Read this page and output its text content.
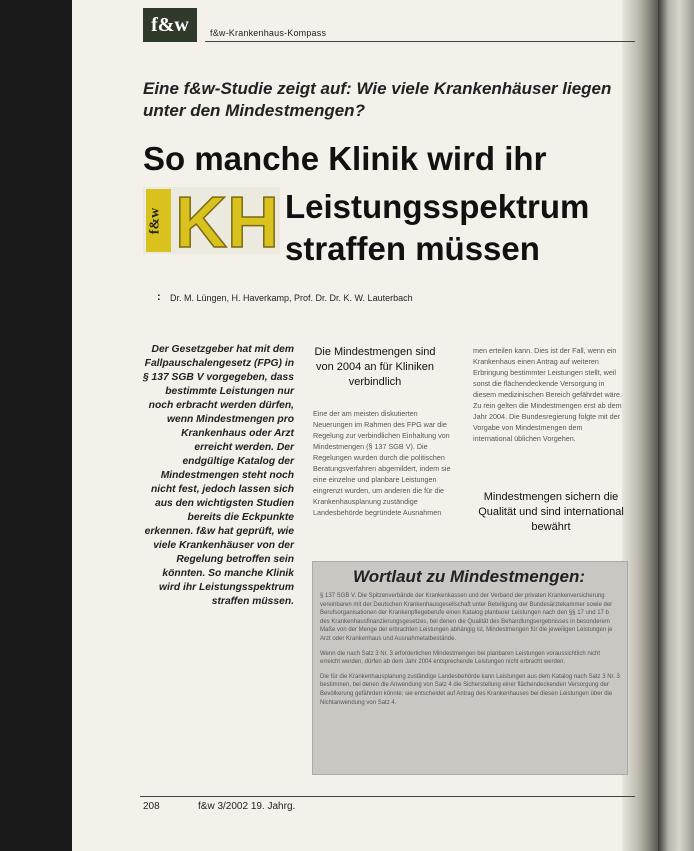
f&w	f&w-Krankenhaus-Kompass
Eine f&w-Studie zeigt auf: Wie viele Krankenhäuser liegen unter den Mindestmengen?
So manche Klinik wird ihr
f&w KH Leistungsspektrum
straffen müssen
: Dr. M. Lüngen, H. Haverkamp, Prof. Dr. Dr. K. W. Lauterbach
Der Gesetzgeber hat mit dem Fallpauschalengesetz (FPG) in § 137 SGB V vorgegeben, dass bestimmte Leistungen nur noch erbracht werden dürfen, wenn Mindestmengen pro Krankenhaus oder Arzt erreicht werden. Der endgültige Katalog der Mindestmengen steht noch nicht fest, jedoch lassen sich aus den wichtigsten Studien bereits die Eckpunkte erkennen. f&w hat geprüft, wie viele Krankenhäuser von der Regelung betroffen sein könnten. So manche Klinik wird ihr Leistungsspektrum straffen müssen.
Die Mindestmengen sind von 2004 an für Kliniken verbindlich
Eine der am meisten diskutierten Neuerungen im Rahmen des FPG war die Regelung zur verbindlichen Einhaltung von Mindestmengen (§ 137 SGB V). Die Regelungen wurden durch die politischen Beratungsverfahren abgemildert, indem sie eine einzelne und planbare Leistungen eingrenzt wurden, um anderen die für die Krankenhausplanung zuständige Landesbehörde begründete Ausnahmen
men erteilen kann. Dies ist der Fall, wenn ein Krankenhaus einen Antrag auf weiteren Erbringung bestimmter Leistungen stellt, weil sonst die flächendeckende Versorgung in diesem medizinischen Bereich gefährdet wäre. Zu rein gelten die Mindestmengen erst ab dem Jahr 2004. Die Bundesregierung folgte mit der Vorgabe von Mindestmengen dem international üblichen Vorgehen.
Mindestmengen sichern die Qualität und sind international bewährt
Wortlaut zu Mindestmengen:

§ 137 SGB V. Die Spitzenverbände der Krankenkassen und der Verband der privaten Krankenversicherung vereinbaren mit der Deutschen Krankenhausgesellschaft unter Beteiligung der Bundesärztekammer sowie der Berufsorganisationen der Krankenpflegeberufe einen Katalog planbarer Leistungen nach den §§ 17 und 17 b des Krankenhausfinanzierungsgesetzes, bei denen die Qualität des Behandlungsergebnisses in besonderem Maße von der Menge der erbrachten Leistungen abhängig ist, Mindestmengen für die jeweiligen Leistungen je Arzt oder Krankenhaus und Ausnahmetatbestände.

Wenn die nach Satz 3 Nr. 3 erforderlichen Mindestmengen bei planbaren Leistungen voraussichtlich nicht erreicht werden, dürfen ab dem Jahr 2004 entsprechende Leistungen nicht erbracht werden.

Die für die Krankenhausplanung zuständige Landesbehörde kann Leistungen aus dem Katalog nach Satz 3 Nr. 3 bestimmen, bei denen die Anwendung von Satz 4 die Sicherstellung einer flächendeckenden Versorgung der Bevölkerung gefährden könnte; sie entscheidet auf Antrag des Krankenhauses bei diesen Leistungen über die Nichtanwendung von Satz 4.

208	f&w 3/2002 19. Jahrg.
